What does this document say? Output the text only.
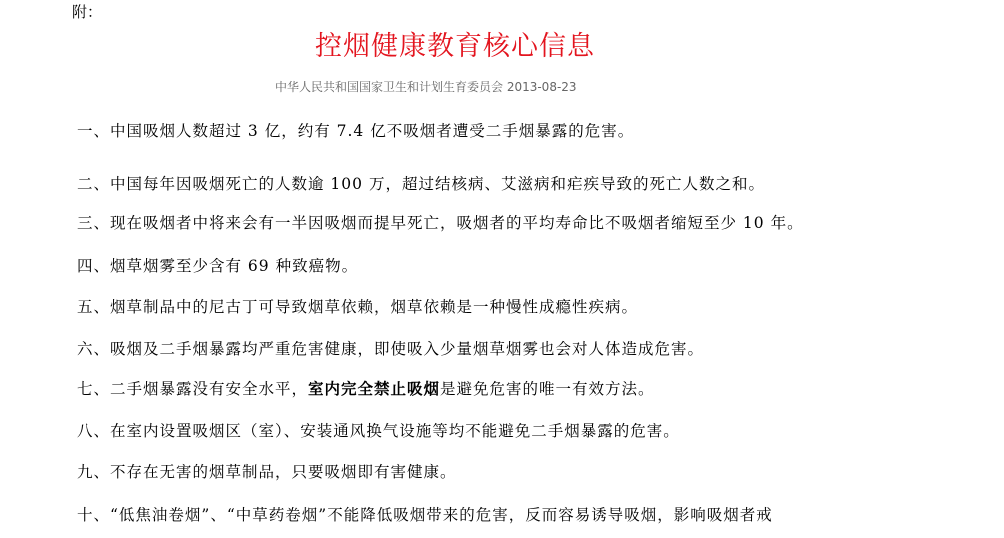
附：
控烟健康教育核心信息
中华人民共和国国家卫生和计划生育委员会 2013-08-23
一、中国吸烟人数超过 3 亿，约有 7.4 亿不吸烟者遭受二手烟暴露的危害。
二、中国每年因吸烟死亡的人数逾 100 万，超过结核病、艾滋病和疟疾导致的死亡人数之和。
三、现在吸烟者中将来会有一半因吸烟而提早死亡，吸烟者的平均寿命比不吸烟者缩短至少 10 年。
四、烟草烟雾至少含有 69 种致癌物。
五、烟草制品中的尼古丁可导致烟草依赖，烟草依赖是一种慢性成瘾性疾病。
六、吸烟及二手烟暴露均严重危害健康，即使吸入少量烟草烟雾也会对人体造成危害。
七、二手烟暴露没有安全水平，室内完全禁止吸烟是避免危害的唯一有效方法。
八、在室内设置吸烟区（室）、安装通风换气设施等均不能避免二手烟暴露的危害。
九、不存在无害的烟草制品，只要吸烟即有害健康。
十、“低焦油卷烟”、“中草药卷烟”不能降低吸烟带来的危害，反而容易诱导吸烟，影响吸烟者戒
